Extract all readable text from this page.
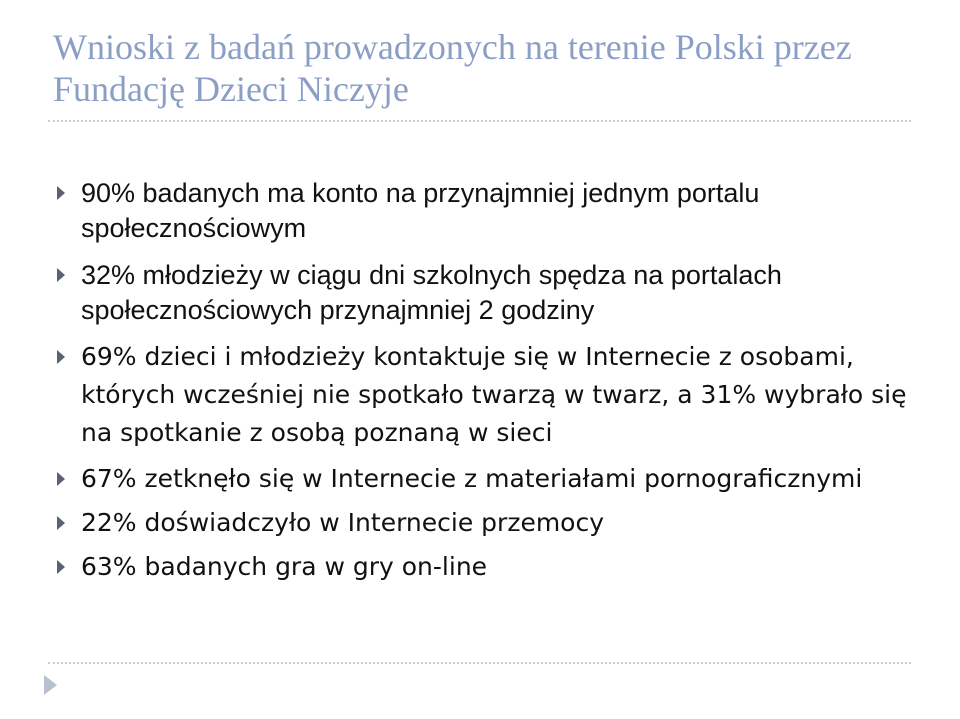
Wnioski z badań prowadzonych na terenie Polski przez Fundację Dzieci Niczyje
90% badanych ma konto na przynajmniej jednym portalu społecznościowym
32% młodzieży w ciągu dni szkolnych spędza na portalach społecznościowych przynajmniej 2 godziny
69% dzieci i młodzieży kontaktuje się w Internecie z osobami, których wcześniej nie spotkało twarzą w twarz, a 31% wybrało się na spotkanie z osobą poznaną w sieci
67% zetknęło się w Internecie z materiałami pornograficznymi
22% doświadczyło w Internecie przemocy
63% badanych gra w gry on-line
